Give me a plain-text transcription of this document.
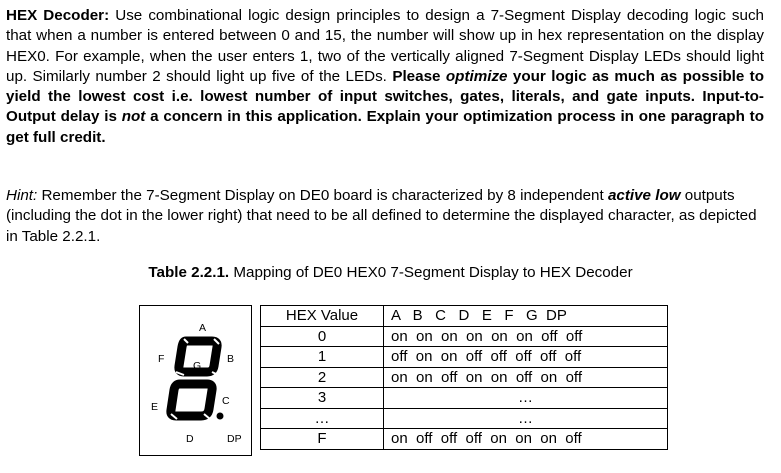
HEX Decoder: Use combinational logic design principles to design a 7-Segment Display decoding logic such that when a number is entered between 0 and 15, the number will show up in hex representation on the display HEX0. For example, when the user enters 1, two of the vertically aligned 7-Segment Display LEDs should light up. Similarly number 2 should light up five of the LEDs. Please optimize your logic as much as possible to yield the lowest cost i.e. lowest number of input switches, gates, literals, and gate inputs. Input-to-Output delay is not a concern in this application. Explain your optimization process in one paragraph to get full credit.
Hint: Remember the 7-Segment Display on DE0 board is characterized by 8 independent active low outputs (including the dot in the lower right) that need to be all defined to determine the displayed character, as depicted in Table 2.2.1.
Table 2.2.1. Mapping of DE0 HEX0 7-Segment Display to HEX Decoder
A
B
C
D
E
F
G
DP
HEX Value	A   B   C   D   E   F   G  DP
0	on  on  on  on  on  on  off  off
1	off  on  on  off  off  off  off  off
2	on  on  off  on  on  off  on  off
3	…
…	…
F	on  off  off  off  on  on  on  off
